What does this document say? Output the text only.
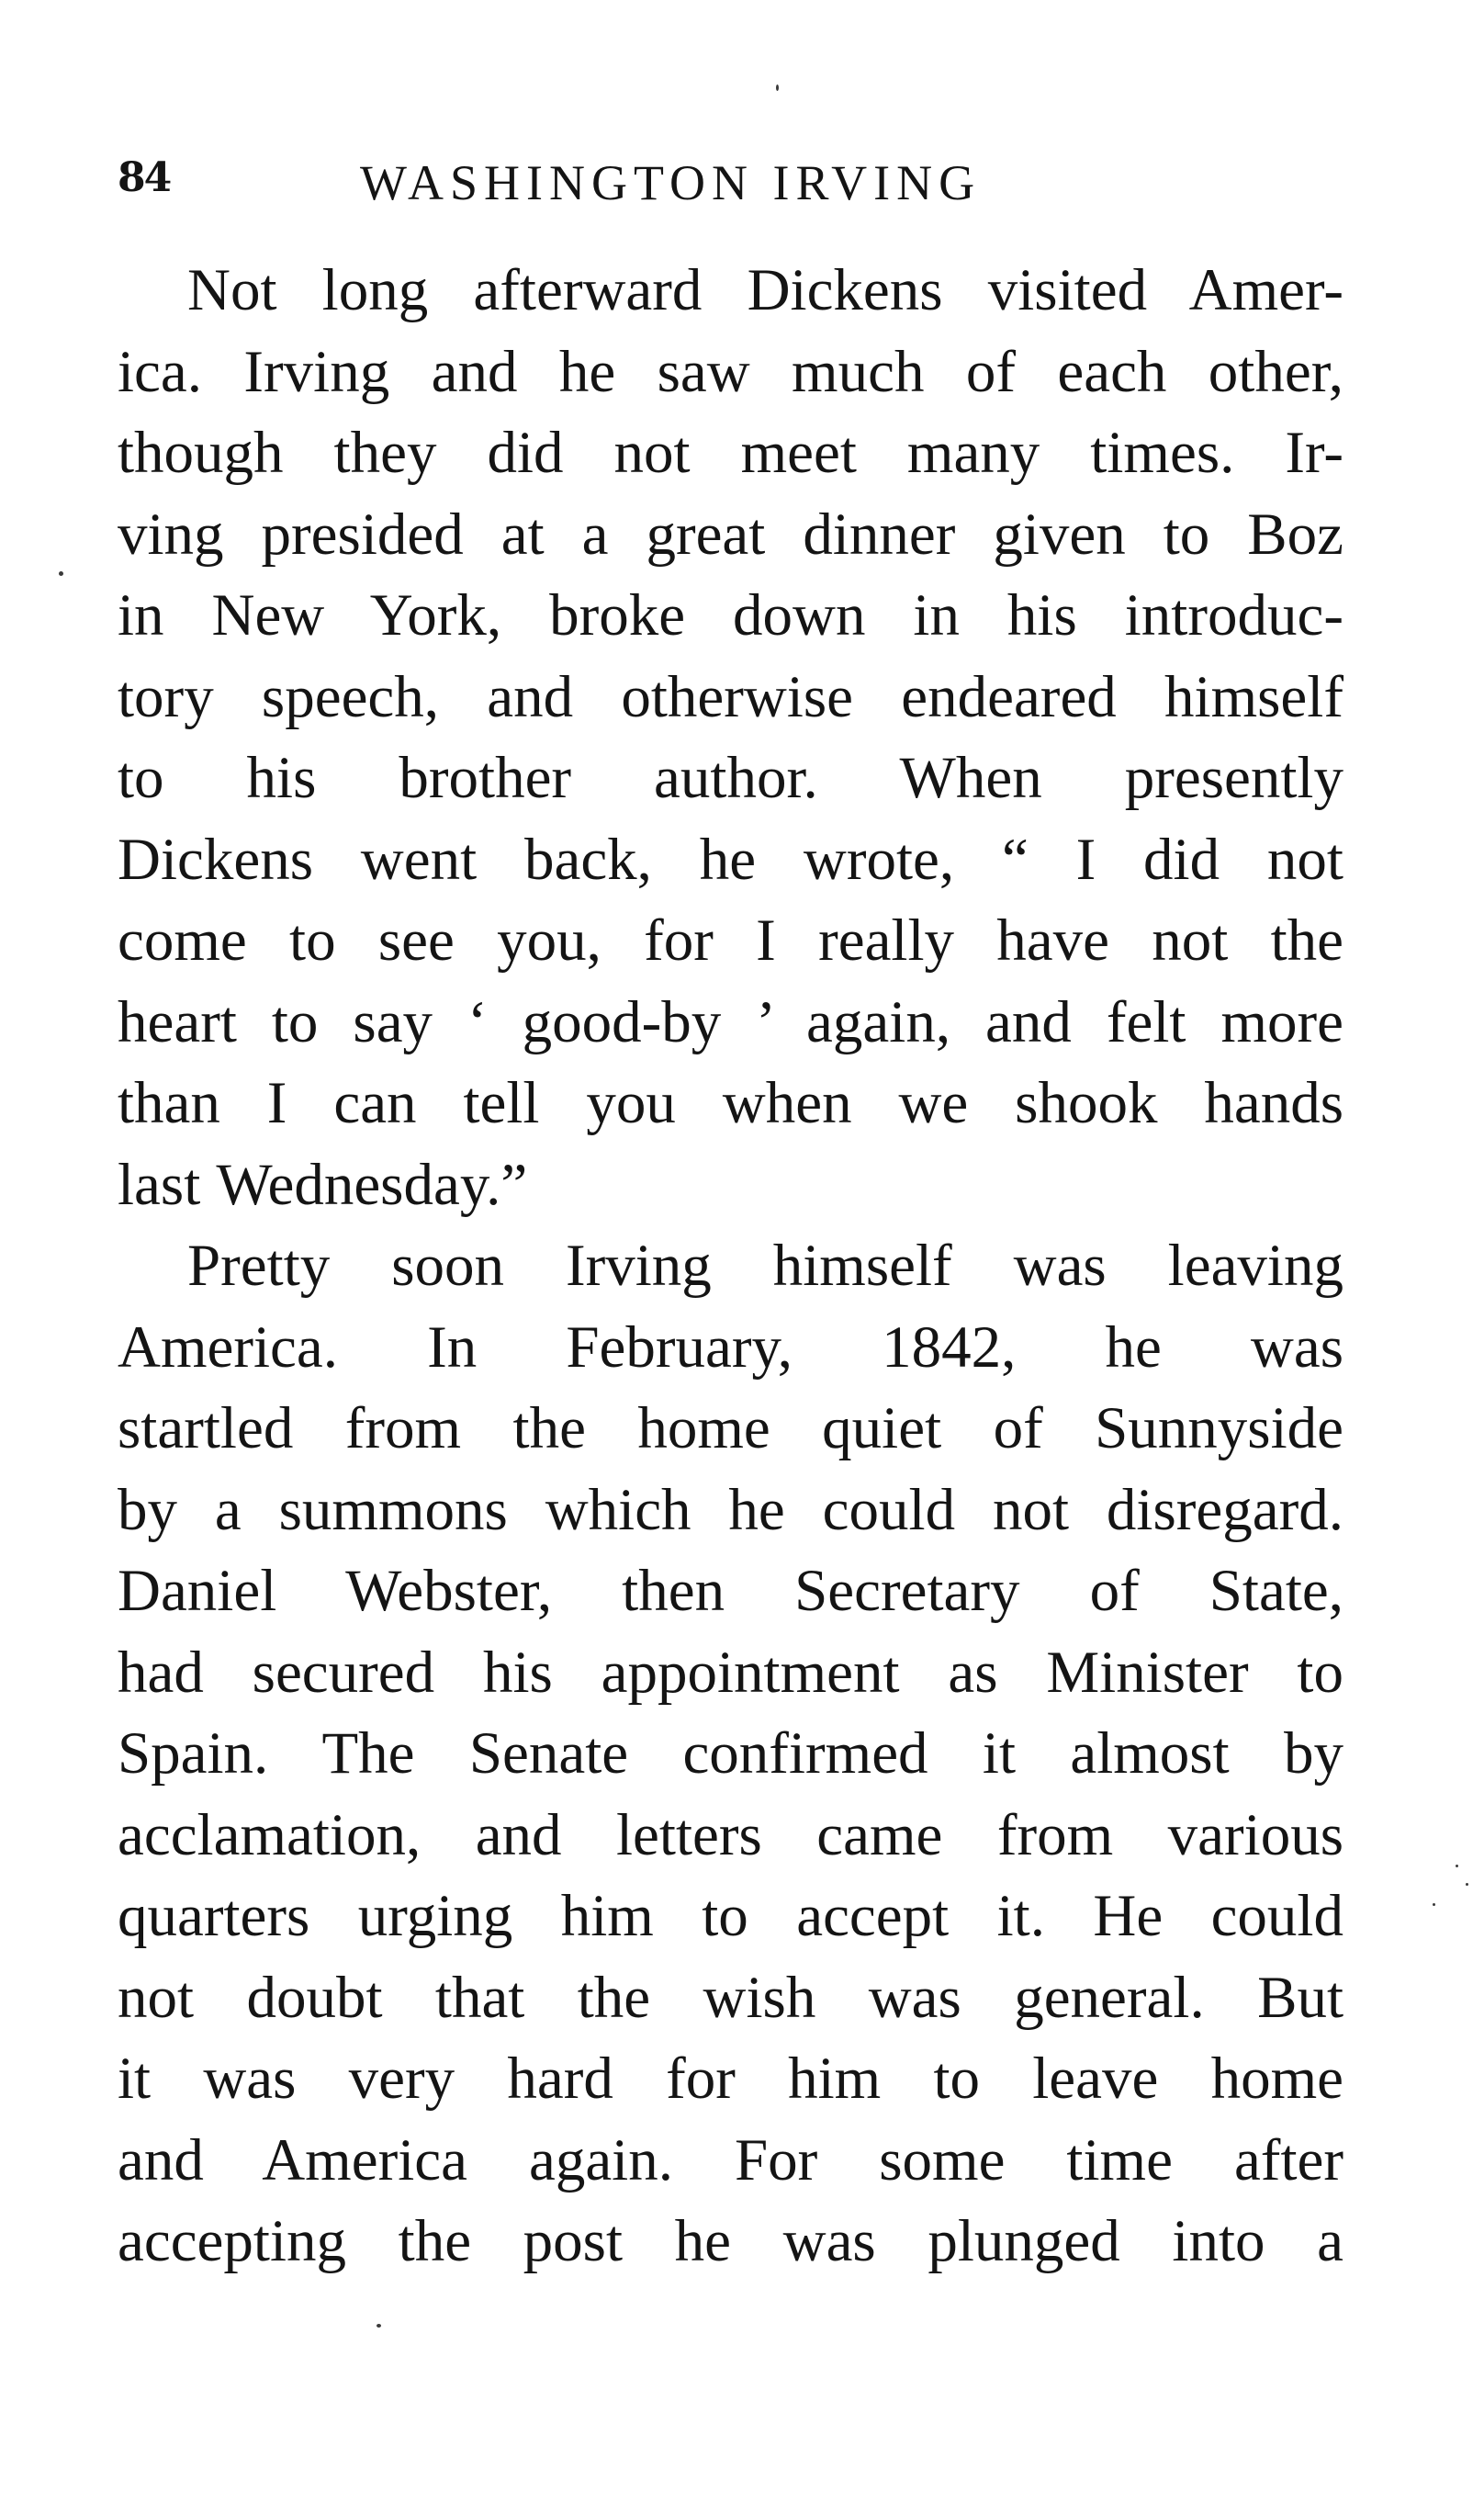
84	WASHINGTON IRVING
Not long afterward Dickens visited Amer-
ica. Irving and he saw much of each other,
though they did not meet many times. Ir-
ving presided at a great dinner given to Boz
in New York, broke down in his introduc-
tory speech, and otherwise endeared himself
to his brother author. When presently
Dickens went back, he wrote, “ I did not
come to see you, for I really have not the
heart to say ‘ good-by ’ again, and felt more
than I can tell you when we shook hands
last Wednesday.”
Pretty soon Irving himself was leaving
America. In February, 1842, he was
startled from the home quiet of Sunnyside
by a summons which he could not disregard.
Daniel Webster, then Secretary of State,
had secured his appointment as Minister to
Spain. The Senate confirmed it almost by
acclamation, and letters came from various
quarters urging him to accept it. He could
not doubt that the wish was general. But
it was very hard for him to leave home
and America again. For some time after
accepting the post he was plunged into a
